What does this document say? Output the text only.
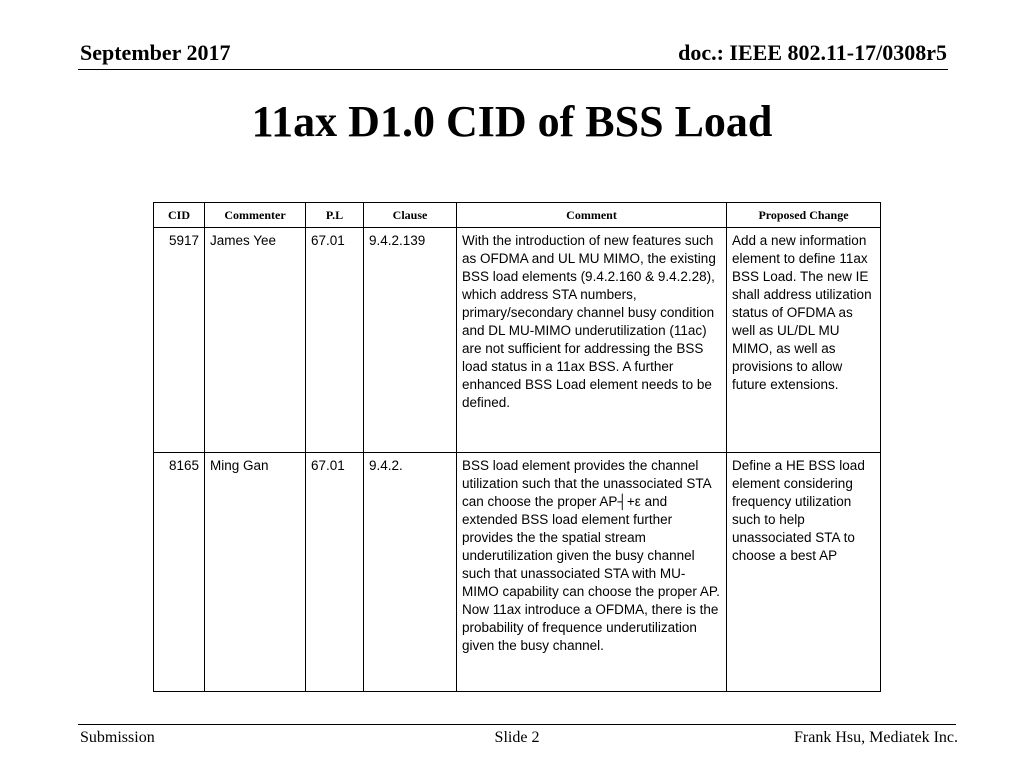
September 2017	doc.: IEEE 802.11-17/0308r5
11ax D1.0 CID of BSS Load
CID	Commenter	P.L	Clause	Comment	Proposed Change
5917	James Yee	67.01	9.4.2.139	With the introduction of new features such as OFDMA and UL MU MIMO, the existing BSS load elements (9.4.2.160 & 9.4.2.28), which address STA numbers, primary/secondary channel busy condition and DL MU-MIMO underutilization (11ac) are not sufficient for addressing the BSS load status in a 11ax BSS. A further enhanced BSS Load element needs to be defined.	Add a new information element to define 11ax BSS Load. The new IE shall address utilization status of OFDMA as well as UL/DL MU MIMO, as well as provisions to allow future extensions.
8165	Ming Gan	67.01	9.4.2.	BSS load element provides the channel utilization such that the unassociated STA can choose the proper AP┤+ε and extended BSS load element further provides the the spatial stream underutilization given the busy channel such that unassociated STA with MU-MIMO capability can choose the proper AP. Now 11ax introduce a OFDMA, there is the probability of frequence underutilization given the busy channel.	Define a HE BSS load element considering frequency utilization such to help unassociated STA to choose a best AP
Submission	Slide 2	Frank Hsu, Mediatek Inc.
